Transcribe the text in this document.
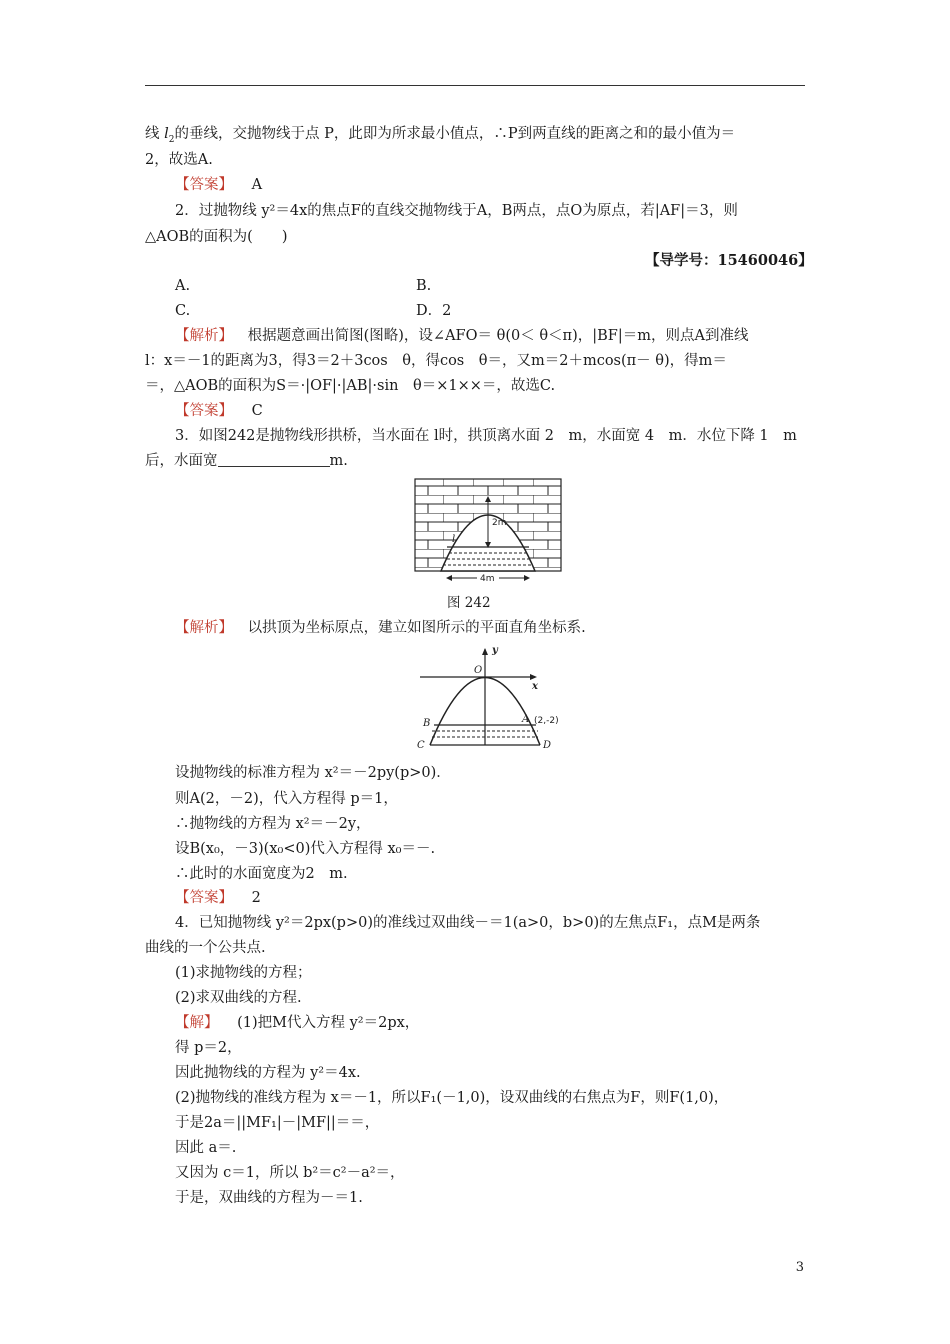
线 $l_2$的垂线，交抛物线于点 P，此即为所求最小值点，∴P到两直线的距离之和的最小值为＝
2，故选A.
【答案】 A
2．过抛物线 y²＝4x的焦点F的直线交抛物线于A，B两点，点O为原点，若|AF|＝3，则
△AOB的面积为(　　)
【导学号：15460046】
A.	B.
C.	D．2
【解析】 根据题意画出简图(图略)，设∠AFO＝ θ(0＜ θ＜π)，|BF|＝m，则点A到准线
l：x＝－1的距离为3，得3＝2＋3cos　θ，得cos　θ＝，又m＝2＋mcos(π－ θ)，得m＝
＝，△AOB的面积为S＝·|OF|·|AB|·sin　θ＝×1××＝，故选C.
【答案】 C
3．如图242是抛物线形拱桥，当水面在 l时，拱顶离水面 2　m，水面宽 4　m．水位下降 1　m
后，水面宽	m.
2m
l
4m
图 242
【解析】 以拱顶为坐标原点，建立如图所示的平面直角坐标系.
y
x
O
A (2,-2)
B
C	D
设抛物线的标准方程为 x²＝－2py(p>0)．
则A(2，－2)，代入方程得 p＝1，
∴抛物线的方程为 x²＝－2y，
设B(x₀，－3)(x₀<0)代入方程得 x₀＝－.
∴此时的水面宽度为2　m.
【答案】 2
4．已知抛物线 y²＝2px(p>0)的准线过双曲线－＝1(a>0，b>0)的左焦点F₁，点M是两条
曲线的一个公共点.
(1)求抛物线的方程；
(2)求双曲线的方程.
【解】 (1)把M代入方程 y²＝2px，
得 p＝2，
因此抛物线的方程为 y²＝4x.
(2)抛物线的准线方程为 x＝－1，所以F₁(－1,0)，设双曲线的右焦点为F，则F(1,0)，
于是2a＝||MF₁|－|MF||＝＝，
因此 a＝.
又因为 c＝1，所以 b²＝c²－a²＝，
于是，双曲线的方程为－＝1.
3
